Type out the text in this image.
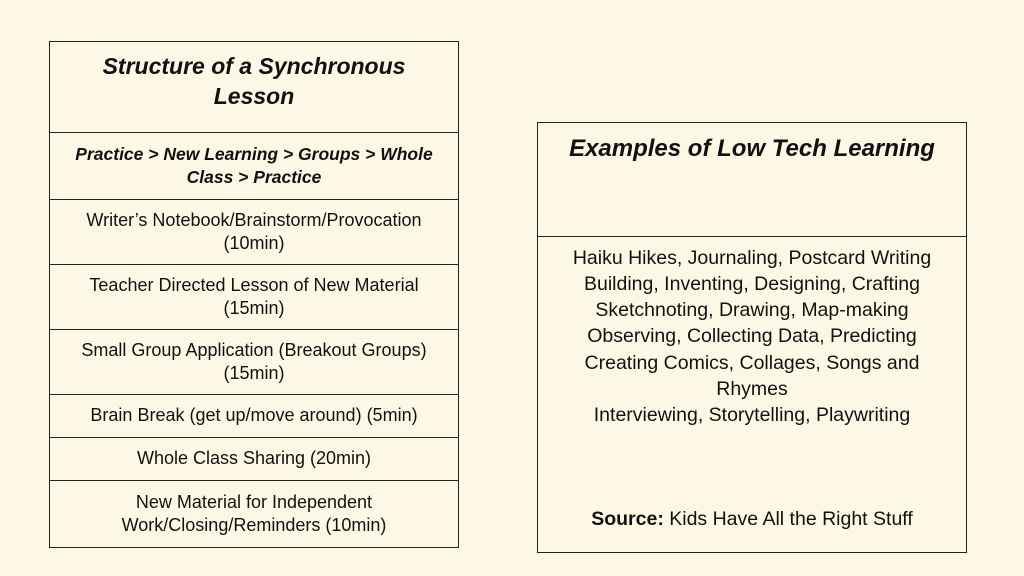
Structure of a Synchronous Lesson
Practice > New Learning > Groups > Whole Class > Practice
Writer’s Notebook/Brainstorm/Provocation (10min)
Teacher Directed Lesson of New Material (15min)
Small Group Application (Breakout Groups) (15min)
Brain Break (get up/move around) (5min)
Whole Class Sharing (20min)
New Material for Independent Work/Closing/Reminders (10min)
Examples of Low Tech Learning

Haiku Hikes, Journaling, Postcard Writing
Building, Inventing, Designing, Crafting
Sketchnoting, Drawing, Map-making
Observing, Collecting Data, Predicting
Creating Comics, Collages, Songs and Rhymes
Interviewing, Storytelling, Playwriting
Source: Kids Have All the Right Stuff
